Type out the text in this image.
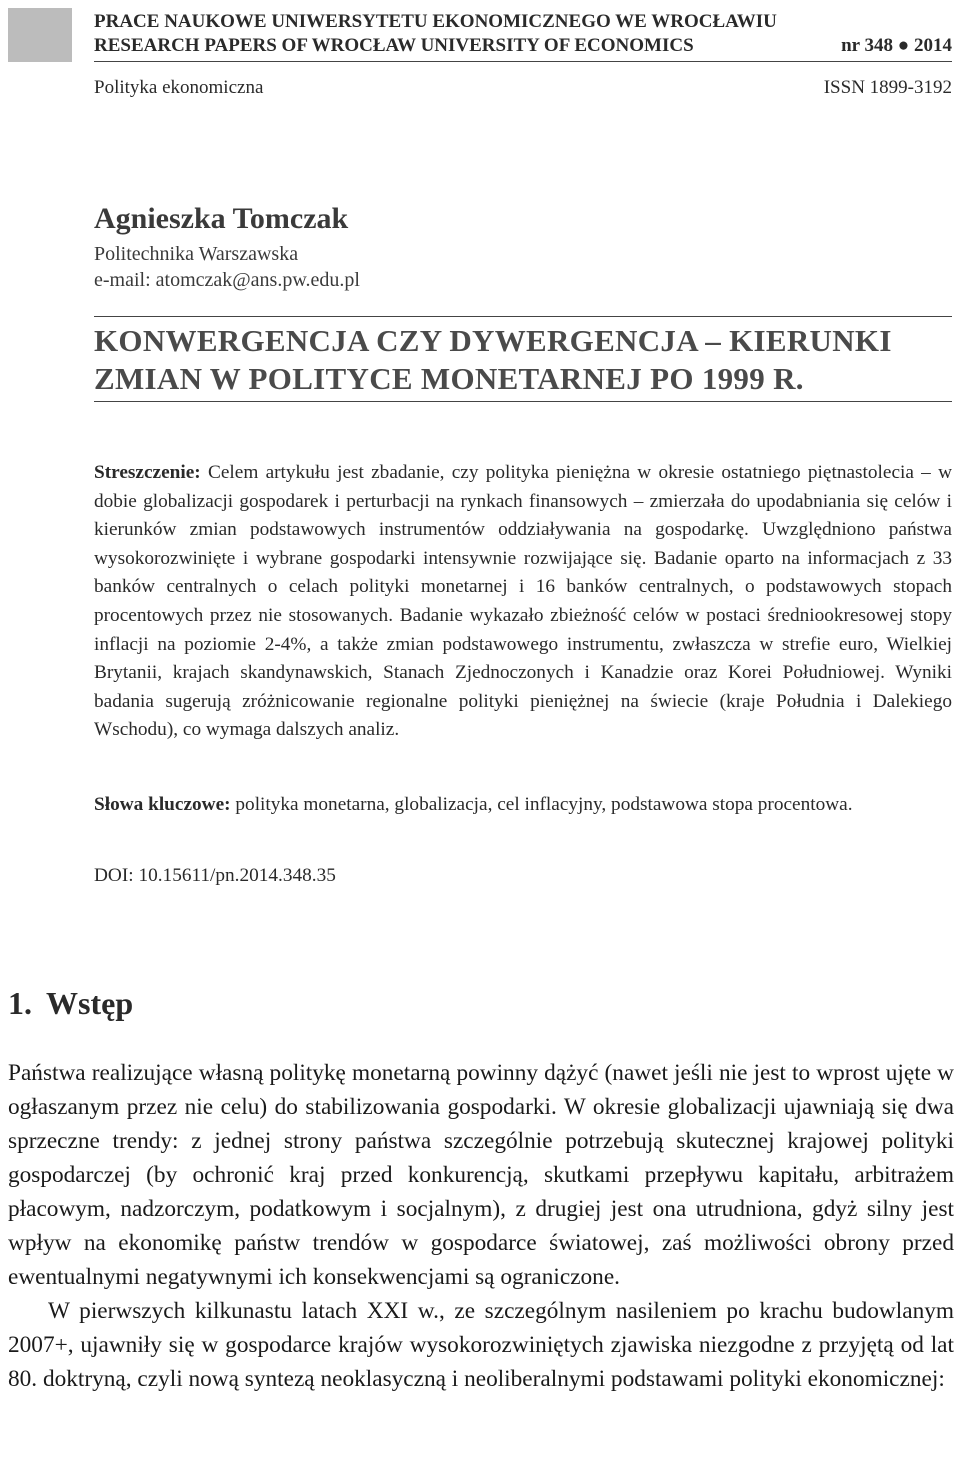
PRACE NAUKOWE UNIWERSYTETU EKONOMICZNEGO WE WROCŁAWIU
RESEARCH PAPERS OF WROCŁAW UNIVERSITY OF ECONOMICS	nr 348 ● 2014
Polityka ekonomiczna	ISSN 1899-3192
Agnieszka Tomczak
Politechnika Warszawska
e-mail: atomczak@ans.pw.edu.pl
KONWERGENCJA CZY DYWERGENCJA – KIERUNKI ZMIAN W POLITYCE MONETARNEJ PO 1999 R.
Streszczenie: Celem artykułu jest zbadanie, czy polityka pieniężna w okresie ostatniego piętnastolecia – w dobie globalizacji gospodarek i perturbacji na rynkach finansowych – zmierzała do upodabniania się celów i kierunków zmian podstawowych instrumentów oddziaływania na gospodarkę. Uwzględniono państwa wysokorozwinięte i wybrane gospodarki intensywnie rozwijające się. Badanie oparto na informacjach z 33 banków centralnych o celach polityki monetarnej i 16 banków centralnych, o podstawowych stopach procentowych przez nie stosowanych. Badanie wykazało zbieżność celów w postaci średniookresowej stopy inflacji na poziomie 2-4%, a także zmian podstawowego instrumentu, zwłaszcza w strefie euro, Wielkiej Brytanii, krajach skandynawskich, Stanach Zjednoczonych i Kanadzie oraz Korei Południowej. Wyniki badania sugerują zróżnicowanie regionalne polityki pieniężnej na świecie (kraje Południa i Dalekiego Wschodu), co wymaga dalszych analiz.
Słowa kluczowe: polityka monetarna, globalizacja, cel inflacyjny, podstawowa stopa procentowa.
DOI: 10.15611/pn.2014.348.35
1. Wstęp

Państwa realizujące własną politykę monetarną powinny dążyć (nawet jeśli nie jest to wprost ujęte w ogłaszanym przez nie celu) do stabilizowania gospodarki. W okresie globalizacji ujawniają się dwa sprzeczne trendy: z jednej strony państwa szczególnie potrzebują skutecznej krajowej polityki gospodarczej (by ochronić kraj przed konkurencją, skutkami przepływu kapitału, arbitrażem płacowym, nadzorczym, podatkowym i socjalnym), z drugiej jest ona utrudniona, gdyż silny jest wpływ na ekonomikę państw trendów w gospodarce światowej, zaś możliwości obrony przed ewentualnymi negatywnymi ich konsekwencjami są ograniczone.

W pierwszych kilkunastu latach XXI w., ze szczególnym nasileniem po krachu budowlanym 2007+, ujawniły się w gospodarce krajów wysokorozwiniętych zjawiska niezgodne z przyjętą od lat 80. doktryną, czyli nową syntezą neoklasyczną i neoliberalnymi podstawami polityki ekonomicznej:
